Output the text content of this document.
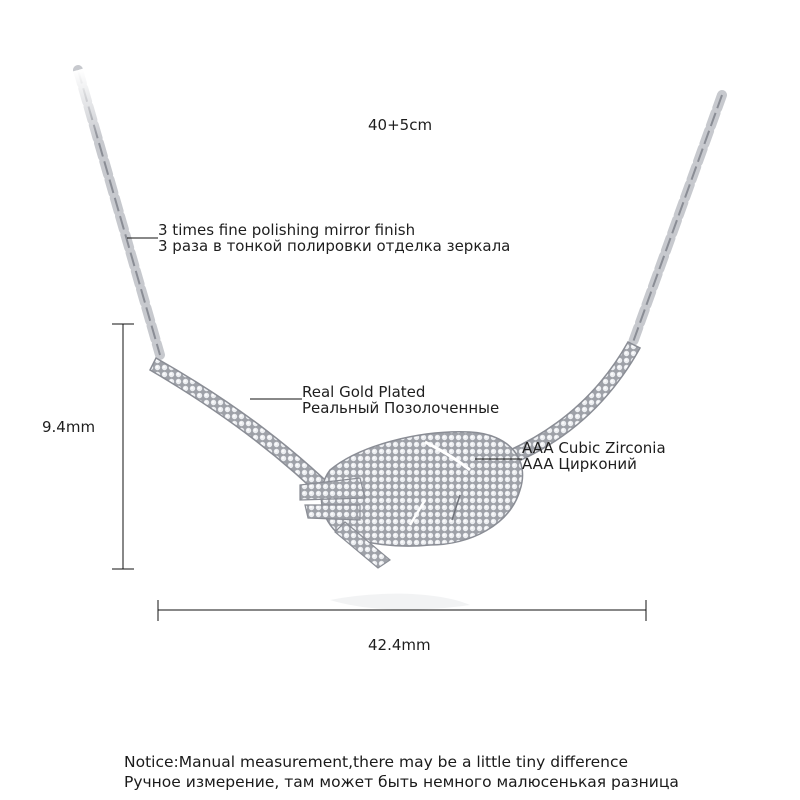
40+5cm
3 times fine polishing mirror finish
3 раза в тонкой полировки отделка зеркала
Real Gold Plated
Реальный Позолоченные
AAA Cubic Zirconia
AAA Цирконий
9.4mm
42.4mm
Notice:Manual measurement,there may be a little tiny difference
Ручное измерение, там может быть немного малюсенькая разница
